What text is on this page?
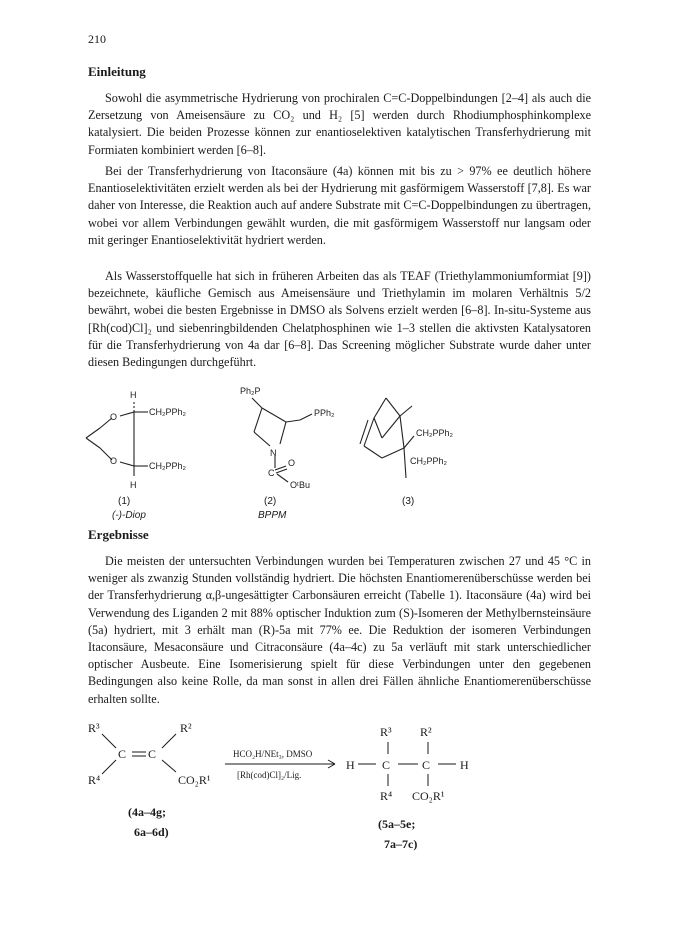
210
Einleitung

Sowohl die asymmetrische Hydrierung von prochiralen C=C-Doppelbindungen [2–4] als auch die Zersetzung von Ameisensäure zu CO₂ und H₂ [5] werden durch Rhodiumphosphinkomplexe katalysiert. Die beiden Prozesse können zur enantioselektiven katalytischen Transferhydrierung mit Formiaten kombiniert werden [6–8].

Bei der Transferhydrierung von Itaconsäure (4a) können mit bis zu > 97% ee deutlich höhere Enantioselektivitäten erzielt werden als bei der Hydrierung mit gasförmigem Wasserstoff [7,8]. Es war daher von Interesse, die Reaktion auch auf andere Substrate mit C=C-Doppelbindungen zu übertragen, wobei vor allem Verbindungen gewählt wurden, die mit gasförmigem Wasserstoff nur langsam oder mit geringer Enantioselektivität hydriert werden.

Als Wasserstoffquelle hat sich in früheren Arbeiten das als TEAF (Triethylammoniumformiat [9]) bezeichnete, käufliche Gemisch aus Ameisensäure und Triethylamin im molaren Verhältnis 5/2 bewährt, wobei die besten Ergebnisse in DMSO als Solvens erzielt werden [6–8]. In-situ-Systeme aus [Rh(cod)Cl]₂ und siebenringbildenden Chelatphosphinen wie 1–3 stellen die aktivsten Katalysatoren für die Transferhydrierung von 4a dar [6–8]. Das Screening möglicher Substrate wurde daher unter diesen Bedingungen durchgeführt.

H
H
O
O
CH₂PPh₂
CH₂PPh₂
(1)
(-)-Diop
Ph₂P
PPh₂
N
C
O
OᵗBu
(2)
BPPM
CH₂PPh₂
CH₂PPh₂
(3)
Ergebnisse

Die meisten der untersuchten Verbindungen wurden bei Temperaturen zwischen 27 und 45 °C in weniger als zwanzig Stunden vollständig hydriert. Die höchsten Enantiomerenüberschüsse werden bei der Transferhydrierung α,β-ungesättigter Carbonsäuren erreicht (Tabelle 1). Itaconsäure (4a) wird bei Verwendung des Liganden 2 mit 88% optischer Induktion zum (S)-Isomeren der Methylbernsteinsäure (5a) hydriert, mit 3 erhält man (R)-5a mit 77% ee. Die Reduktion der isomeren Verbindungen Itaconsäure, Mesaconsäure und Citraconsäure (4a–4c) zu 5a verläuft mit stark unterschiedlicher optischer Ausbeute. Eine Isomerisierung spielt für diese Verbindungen unter den gegebenen Bedingungen also keine Rolle, da man sonst in allen drei Fällen ähnliche Enantiomerenüberschüsse erhalten sollte.

R³	R²
C C
R⁴	CO₂R¹
HCO₂H/NEt₃, DMSO
[Rh(cod)Cl]₂/Lig.
R³ R²
H C	C H
R⁴ CO₂R¹
(4a–4g;
6a–6d)
(5a–5e;
7a–7c)
